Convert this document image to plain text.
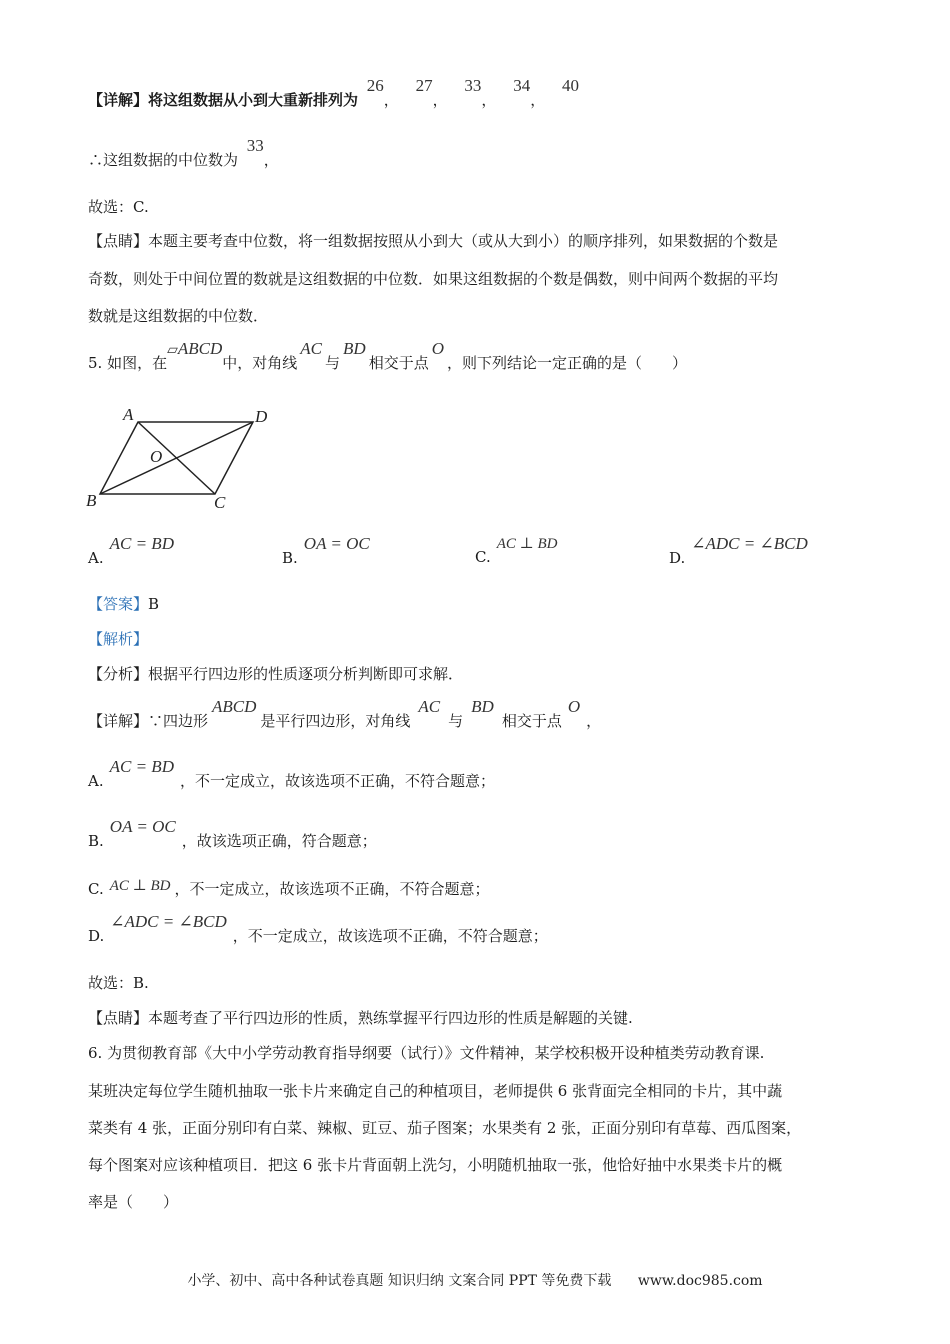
【详解】将这组数据从小到大重新排列为 26， 27， 33， 34， 40
∴这组数据的中位数为 33，
故选：C.
【点睛】本题主要考查中位数，将一组数据按照从小到大（或从大到小）的顺序排列，如果数据的个数是
奇数，则处于中间位置的数就是这组数据的中位数．如果这组数据的个数是偶数，则中间两个数据的平均
数就是这组数据的中位数．
5. 如图，在▱ABCD中，对角线AC与BD相交于点O，则下列结论一定正确的是（　　）
A	D
O
B	C
A.AC = BD
B.OA = OC
C.AC ⊥ BD
D.∠ADC = ∠BCD
【答案】B
【解析】
【分析】根据平行四边形的性质逐项分析判断即可求解．
【详解】∵四边形ABCD是平行四边形，对角线AC与BD相交于点O，
A.AC = BD，不一定成立，故该选项不正确，不符合题意；
B.OA = OC，故该选项正确，符合题意；
C. AC ⊥ BD ，不一定成立，故该选项不正确，不符合题意；
D.∠ADC = ∠BCD，不一定成立，故该选项不正确，不符合题意；
故选：B.
【点睛】本题考查了平行四边形的性质，熟练掌握平行四边形的性质是解题的关键.
6. 为贯彻教育部《大中小学劳动教育指导纲要（试行）》文件精神，某学校积极开设种植类劳动教育课.
某班决定每位学生随机抽取一张卡片来确定自己的种植项目，老师提供 6 张背面完全相同的卡片，其中蔬
菜类有 4 张，正面分别印有白菜、辣椒、豇豆、茄子图案；水果类有 2 张，正面分别印有草莓、西瓜图案，
每个图案对应该种植项目．把这 6 张卡片背面朝上洗匀，小明随机抽取一张，他恰好抽中水果类卡片的概
率是（　　）
小学、初中、高中各种试卷真题 知识归纳 文案合同 PPT 等免费下载 www.doc985.com
